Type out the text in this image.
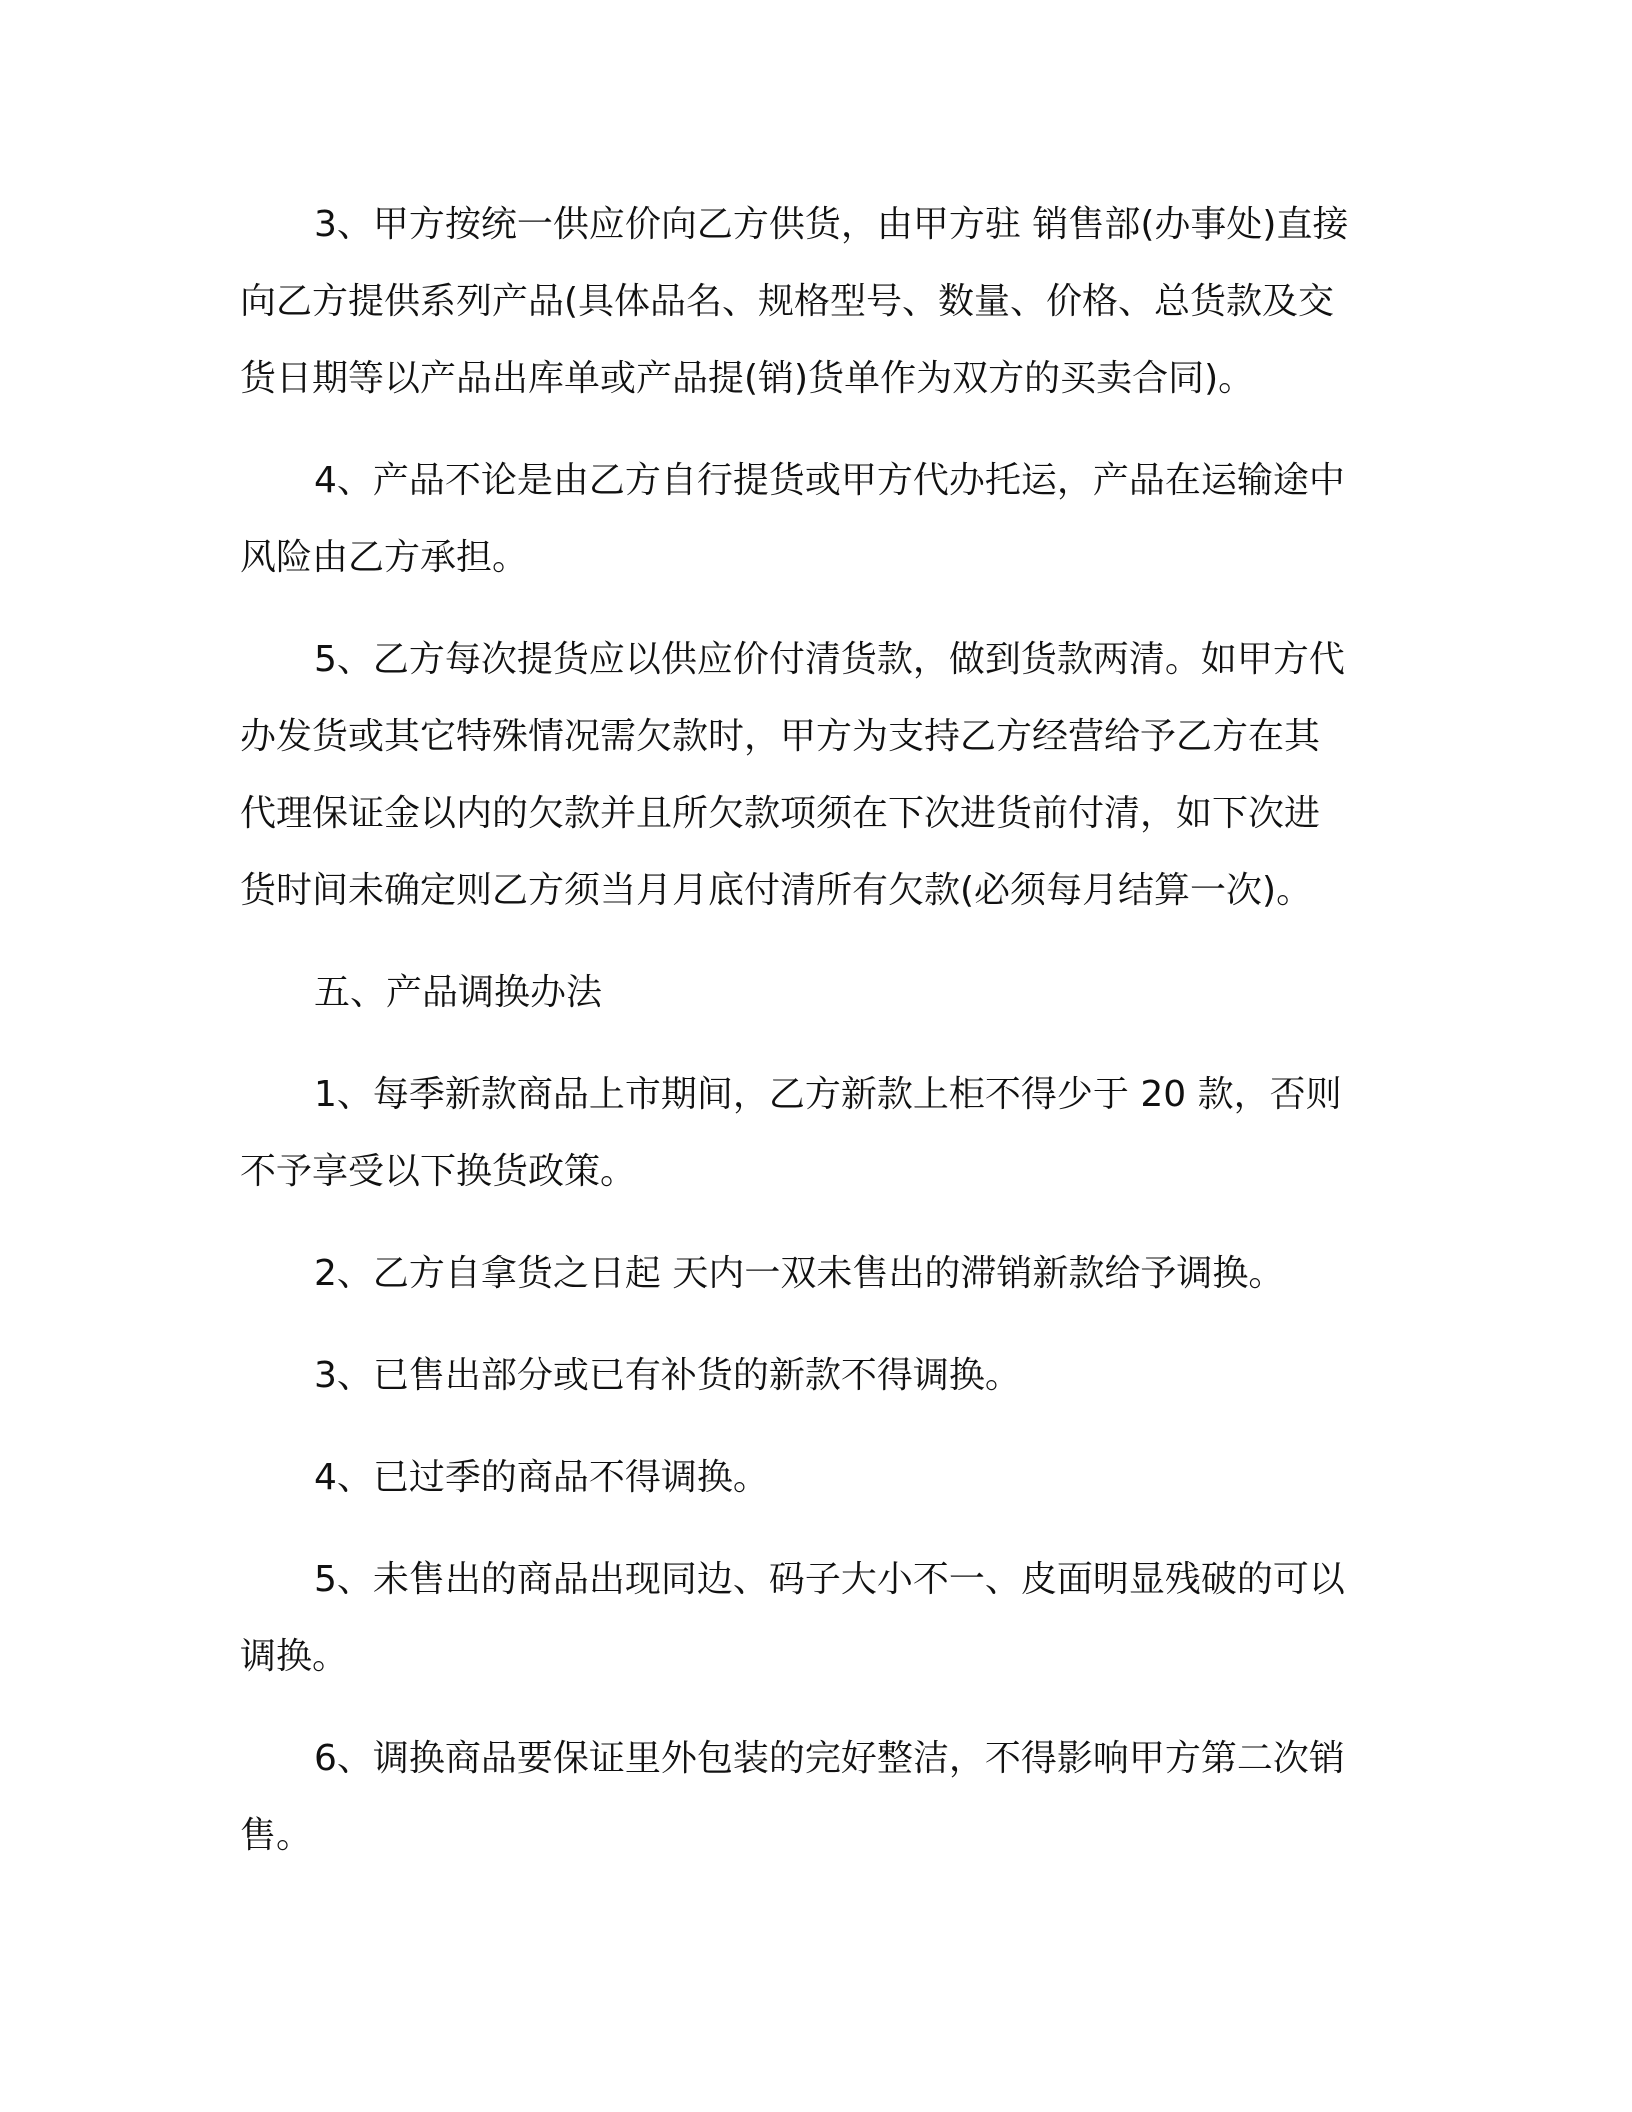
3、甲方按统一供应价向乙方供货，由甲方驻 销售部(办事处)直接
向乙方提供系列产品(具体品名、规格型号、数量、价格、总货款及交
货日期等以产品出库单或产品提(销)货单作为双方的买卖合同)。

4、产品不论是由乙方自行提货或甲方代办托运，产品在运输途中
风险由乙方承担。

5、乙方每次提货应以供应价付清货款，做到货款两清。如甲方代
办发货或其它特殊情况需欠款时，甲方为支持乙方经营给予乙方在其
代理保证金以内的欠款并且所欠款项须在下次进货前付清，如下次进
货时间未确定则乙方须当月月底付清所有欠款(必须每月结算一次)。

五、产品调换办法

1、每季新款商品上市期间，乙方新款上柜不得少于 20 款，否则
不予享受以下换货政策。

2、乙方自拿货之日起 天内一双未售出的滞销新款给予调换。

3、已售出部分或已有补货的新款不得调换。

4、已过季的商品不得调换。

5、未售出的商品出现同边、码子大小不一、皮面明显残破的可以
调换。

6、调换商品要保证里外包装的完好整洁，不得影响甲方第二次销
售。
